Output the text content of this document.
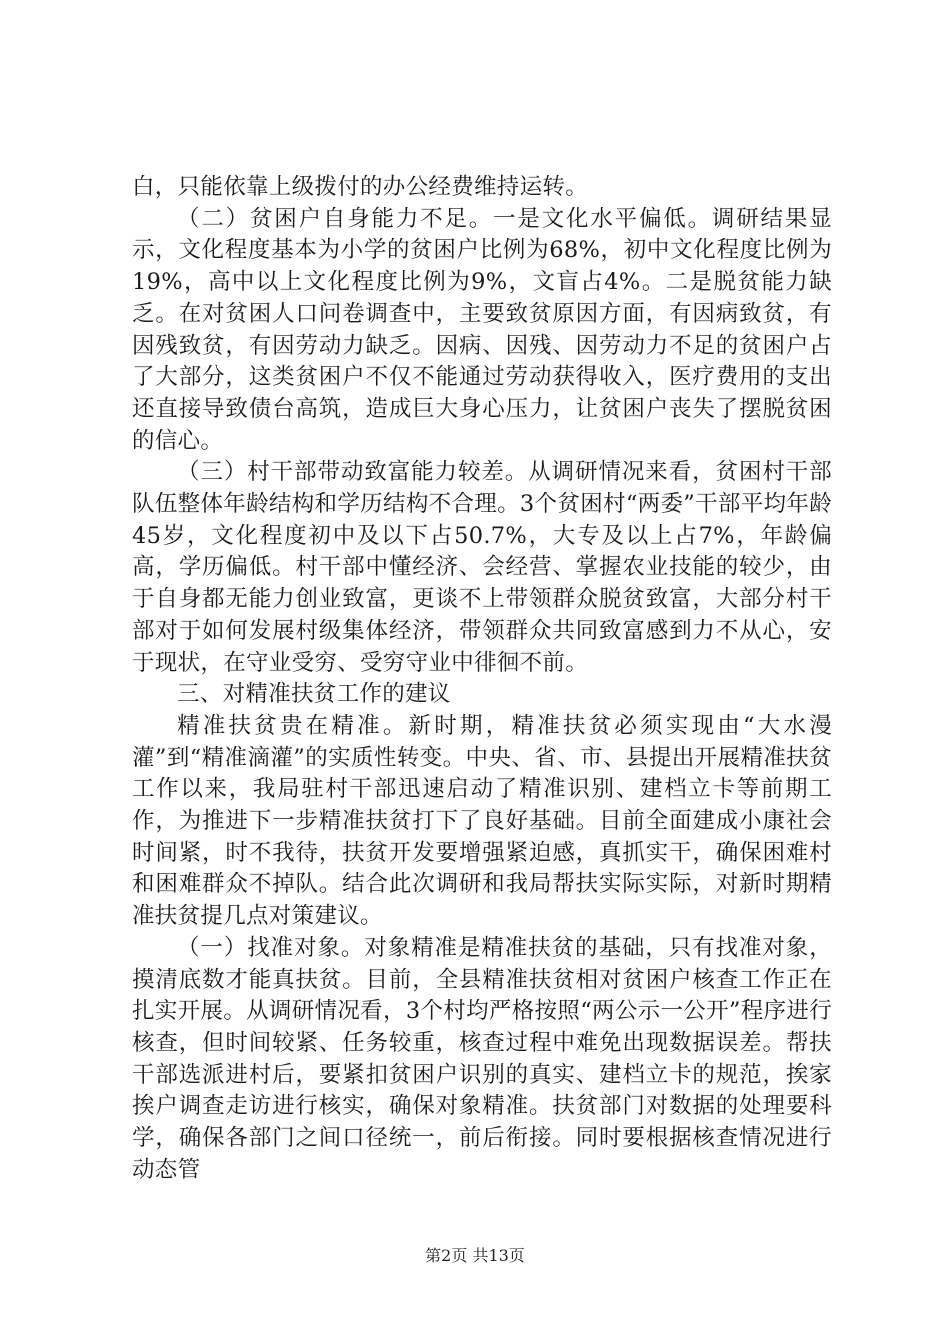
白，只能依靠上级拨付的办公经费维持运转。

（二）贫困户自身能力不足。一是文化水平偏低。调研结果显示，文化程度基本为小学的贫困户比例为68%，初中文化程度比例为19%，高中以上文化程度比例为9%，文盲占4%。二是脱贫能力缺乏。在对贫困人口问卷调查中，主要致贫原因方面，有因病致贫，有因残致贫，有因劳动力缺乏。因病、因残、因劳动力不足的贫困户占了大部分，这类贫困户不仅不能通过劳动获得收入，医疗费用的支出还直接导致债台高筑，造成巨大身心压力，让贫困户丧失了摆脱贫困的信心。

（三）村干部带动致富能力较差。从调研情况来看，贫困村干部队伍整体年龄结构和学历结构不合理。3个贫困村“两委”干部平均年龄45岁，文化程度初中及以下占50.7%，大专及以上占7%，年龄偏高，学历偏低。村干部中懂经济、会经营、掌握农业技能的较少，由于自身都无能力创业致富，更谈不上带领群众脱贫致富，大部分村干部对于如何发展村级集体经济，带领群众共同致富感到力不从心，安于现状，在守业受穷、受穷守业中徘徊不前。

三、对精准扶贫工作的建议

精准扶贫贵在精准。新时期，精准扶贫必须实现由“大水漫灌”到“精准滴灌”的实质性转变。中央、省、市、县提出开展精准扶贫工作以来，我局驻村干部迅速启动了精准识别、建档立卡等前期工作，为推进下一步精准扶贫打下了良好基础。目前全面建成小康社会时间紧，时不我待，扶贫开发要增强紧迫感，真抓实干，确保困难村和困难群众不掉队。结合此次调研和我局帮扶实际实际，对新时期精准扶贫提几点对策建议。

（一）找准对象。对象精准是精准扶贫的基础，只有找准对象，摸清底数才能真扶贫。目前，全县精准扶贫相对贫困户核查工作正在扎实开展。从调研情况看，3个村均严格按照“两公示一公开”程序进行核查，但时间较紧、任务较重，核查过程中难免出现数据误差。帮扶干部选派进村后，要紧扣贫困户识别的真实、建档立卡的规范，挨家挨户调查走访进行核实，确保对象精准。扶贫部门对数据的处理要科学，确保各部门之间口径统一，前后衔接。同时要根据核查情况进行动态管

第2页 共13页
